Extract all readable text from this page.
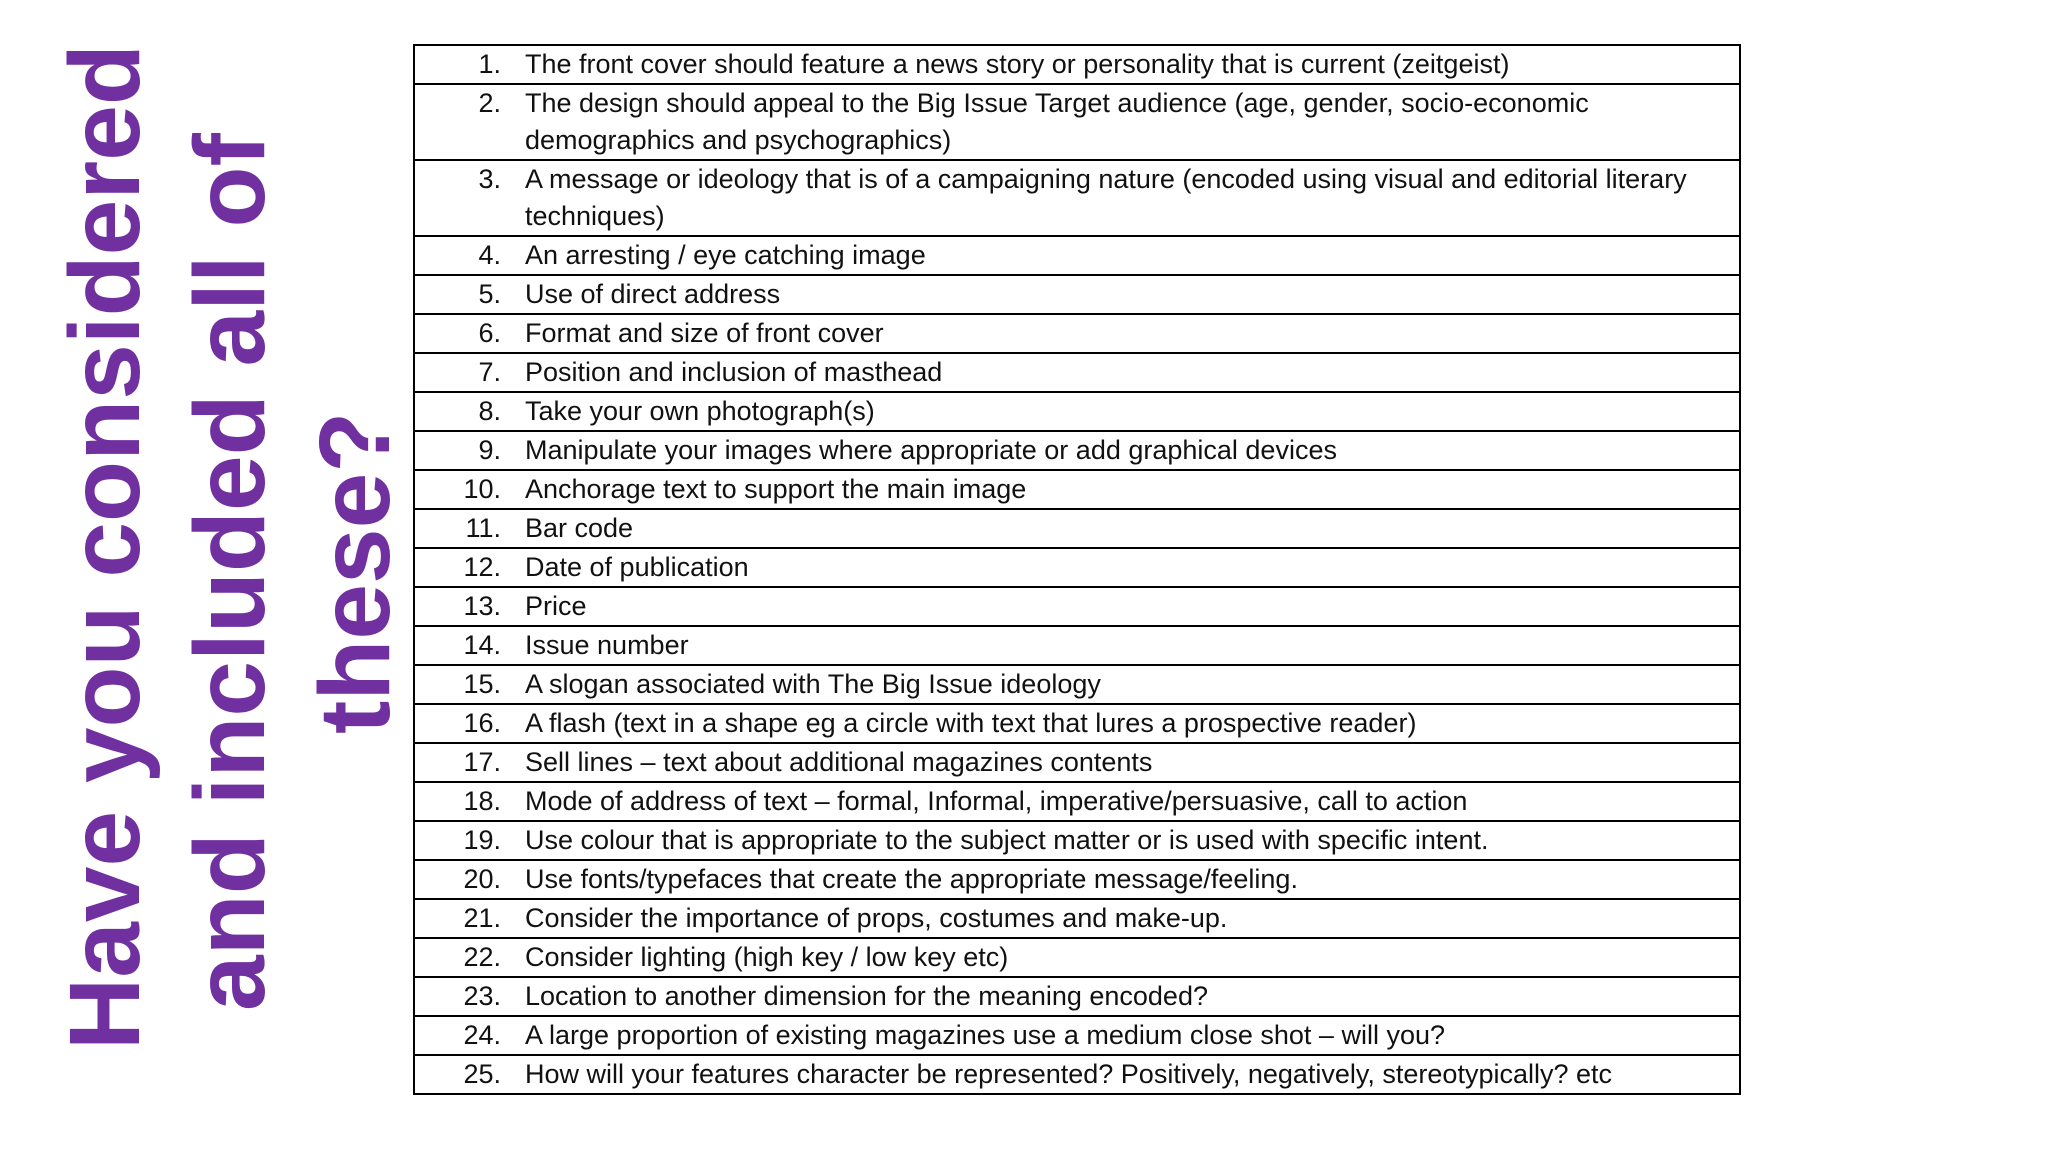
Have you considered and included all of these?
1. The front cover should feature a news story or personality that is current (zeitgeist)

2. The design should appeal to the Big Issue Target audience (age, gender, socio-economic demographics and psychographics)

3. A message or ideology that is of a campaigning nature (encoded using visual and editorial literary techniques)

4. An arresting / eye catching image

5. Use of direct address

6. Format and size of front cover

7. Position and inclusion of masthead

8. Take your own photograph(s)

9. Manipulate your images where appropriate or add graphical devices

10. Anchorage text to support the main image

11. Bar code

12. Date of publication

13. Price

14. Issue number

15. A slogan associated with The Big Issue ideology

16. A flash (text in a shape eg a circle with text that lures a prospective reader)

17. Sell lines – text about additional magazines contents

18. Mode of address of text – formal, Informal, imperative/persuasive, call to action

19. Use colour that is appropriate to the subject matter or is used with specific intent.

20. Use fonts/typefaces that create the appropriate message/feeling.

21. Consider the importance of props, costumes and make-up.

22. Consider lighting (high key / low key etc)

23. Location to another dimension for the meaning encoded?

24. A large proportion of existing magazines use a medium close shot – will you?

25. How will your features character be represented? Positively, negatively, stereotypically? etc
